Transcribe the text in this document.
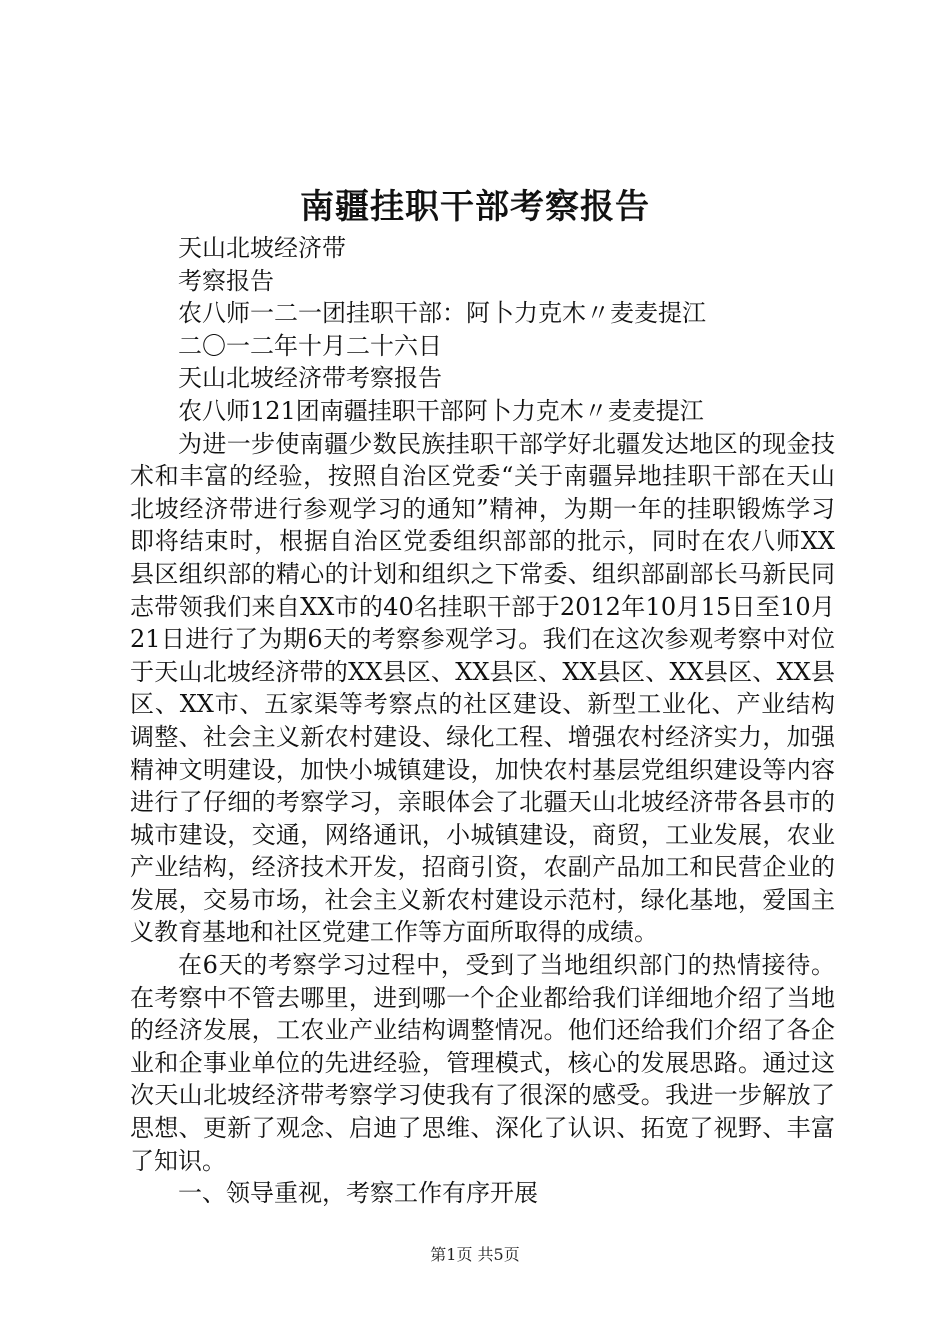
南疆挂职干部考察报告

天山北坡经济带

考察报告

农八师一二一团挂职干部：阿卜力克木〃麦麦提江

二〇一二年十月二十六日

天山北坡经济带考察报告

农八师121团南疆挂职干部阿卜力克木〃麦麦提江

为进一步使南疆少数民族挂职干部学好北疆发达地区的现金技术和丰富的经验，按照自治区党委“关于南疆异地挂职干部在天山北坡经济带进行参观学习的通知”精神，为期一年的挂职锻炼学习即将结束时，根据自治区党委组织部部的批示，同时在农八师XX县区组织部的精心的计划和组织之下常委、组织部副部长马新民同志带领我们来自XX市的40名挂职干部于2012年10月15日至10月21日进行了为期6天的考察参观学习。我们在这次参观考察中对位于天山北坡经济带的XX县区、XX县区、XX县区、XX县区、XX县区、XX市、五家渠等考察点的社区建设、新型工业化、产业结构调整、社会主义新农村建设、绿化工程、增强农村经济实力，加强精神文明建设，加快小城镇建设，加快农村基层党组织建设等内容进行了仔细的考察学习，亲眼体会了北疆天山北坡经济带各县市的城市建设，交通，网络通讯，小城镇建设，商贸，工业发展，农业产业结构，经济技术开发，招商引资，农副产品加工和民营企业的发展，交易市场，社会主义新农村建设示范村，绿化基地，爱国主义教育基地和社区党建工作等方面所取得的成绩。

在6天的考察学习过程中，受到了当地组织部门的热情接待。在考察中不管去哪里，进到哪一个企业都给我们详细地介绍了当地的经济发展，工农业产业结构调整情况。他们还给我们介绍了各企业和企事业单位的先进经验，管理模式，核心的发展思路。通过这次天山北坡经济带考察学习使我有了很深的感受。我进一步解放了思想、更新了观念、启迪了思维、深化了认识、拓宽了视野、丰富了知识。

一、领导重视，考察工作有序开展

第1页 共5页
